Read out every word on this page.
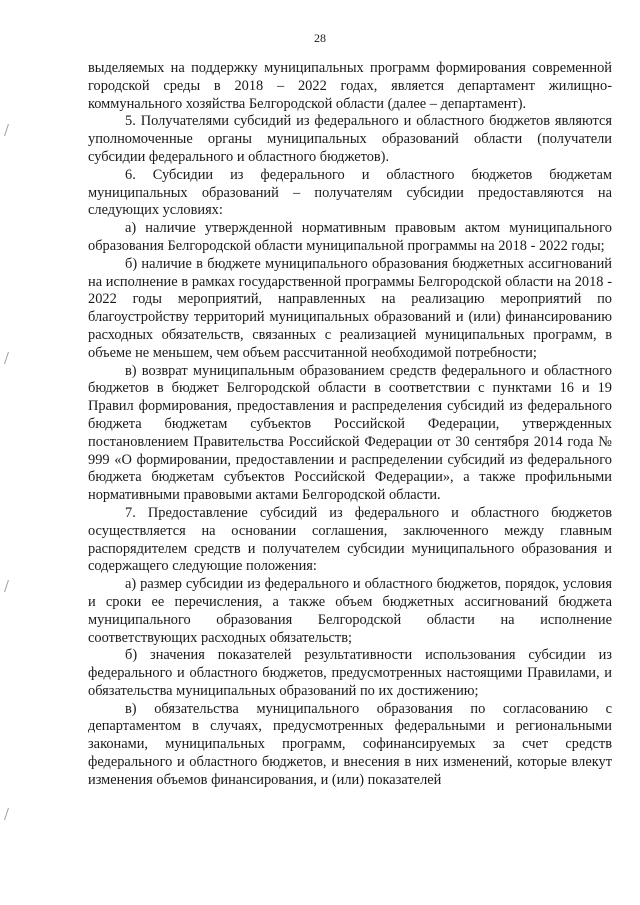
28

выделяемых на поддержку муниципальных программ формирования современной городской среды в 2018 – 2022 годах, является департамент жилищно-коммунального хозяйства Белгородской области (далее – департамент).

5. Получателями субсидий из федерального и областного бюджетов являются уполномоченные органы муниципальных образований области (получатели субсидии федерального и областного бюджетов).

6. Субсидии из федерального и областного бюджетов бюджетам муниципальных образований – получателям субсидии предоставляются на следующих условиях:

а) наличие утвержденной нормативным правовым актом муниципального образования Белгородской области муниципальной программы на 2018 - 2022 годы;

б) наличие в бюджете муниципального образования бюджетных ассигнований на исполнение в рамках государственной программы Белгородской области на 2018 - 2022 годы мероприятий, направленных на реализацию мероприятий по благоустройству территорий муниципальных образований и (или) финансированию расходных обязательств, связанных с реализацией муниципальных программ, в объеме не меньшем, чем объем рассчитанной необходимой потребности;

в) возврат муниципальным образованием средств федерального и областного бюджетов в бюджет Белгородской области в соответствии с пунктами 16 и 19 Правил формирования, предоставления и распределения субсидий из федерального бюджета бюджетам субъектов Российской Федерации, утвержденных постановлением Правительства Российской Федерации от 30 сентября 2014 года № 999 «О формировании, предоставлении и распределении субсидий из федерального бюджета бюджетам субъектов Российской Федерации», а также профильными нормативными правовыми актами Белгородской области.

7. Предоставление субсидий из федерального и областного бюджетов осуществляется на основании соглашения, заключенного между главным распорядителем средств и получателем субсидии муниципального образования и содержащего следующие положения:

а) размер субсидии из федерального и областного бюджетов, порядок, условия и сроки ее перечисления, а также объем бюджетных ассигнований бюджета муниципального образования Белгородской области на исполнение соответствующих расходных обязательств;

б) значения показателей результативности использования субсидии из федерального и областного бюджетов, предусмотренных настоящими Правилами, и обязательства муниципальных образований по их достижению;

в) обязательства муниципального образования по согласованию с департаментом в случаях, предусмотренных федеральными и региональными законами, муниципальных программ, софинансируемых за счет средств федерального и областного бюджетов, и внесения в них изменений, которые влекут изменения объемов финансирования, и (или) показателей
